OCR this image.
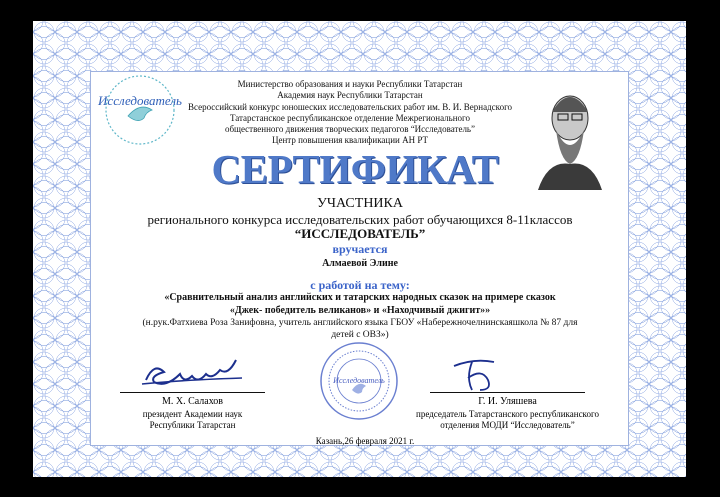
Исследователь
Министерство образования и науки Республики Татарстан
Академия наук Республики Татарстан
Всероссийский конкурс юношеских исследовательских работ им. В. И. Вернадского
Татарстанское республиканское отделение Межрегионального
общественного движения творческих педагогов “Исследователь”
Центр повышения квалификации АН РТ
СЕРТИФИКАТ
УЧАСТНИКА
регионального конкурса исследовательских работ обучающихся 8-11классов
“ИССЛЕДОВАТЕЛЬ”
вручается
Алмаевой Элине
с работой на тему:
«Сравнительный анализ английских и татарских народных сказок на примере сказок
«Джек- победитель великанов» и «Находчивый джигит»»
(н.рук.Фатхиева Роза Занифовна, учитель английского языка ГБОУ «Набережночелнинскаяшкола № 87 для
детей с ОВЗ»)
М. Х. Салахов
президент Академии наук
Республики Татарстан
Исследователь
Г. И. Уляшева
председатель Татарстанского республиканского
отделения МОДИ “Исследователь”
Казань,26 февраля 2021 г.
